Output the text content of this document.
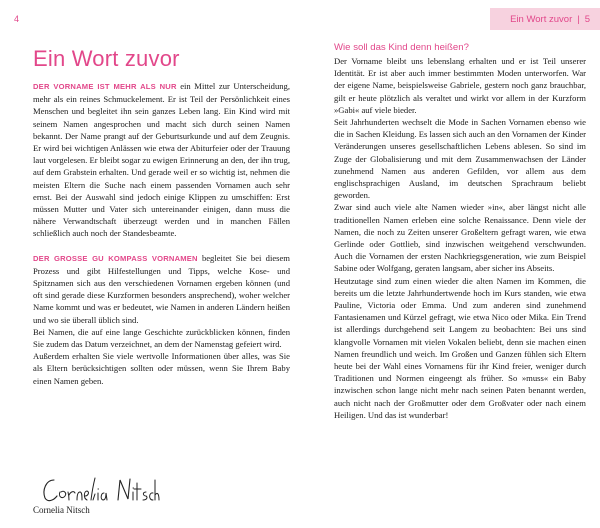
4
Ein Wort zuvor

DER VORNAME IST MEHR ALS NUR ein Mittel zur Unterscheidung, mehr als ein reines Schmuckelement. Er ist Teil der Persönlichkeit eines Menschen und begleitet ihn sein ganzes Leben lang. Ein Kind wird mit seinem Namen angesprochen und macht sich durch seinen Namen bekannt. Der Name prangt auf der Geburtsurkunde und auf dem Zeugnis. Er wird bei wichtigen Anlässen wie etwa der Abiturfeier oder der Trauung laut vorgelesen. Er bleibt sogar zu ewigen Erinnerung an den, der ihn trug, auf dem Grabstein erhalten. Und gerade weil er so wichtig ist, nehmen die meisten Eltern die Suche nach einem passenden Vornamen auch sehr ernst. Bei der Auswahl sind jedoch einige Klippen zu umschiffen: Erst müssen Mutter und Vater sich untereinander einigen, dann muss die nähere Verwandtschaft überzeugt werden und in manchen Fällen schließlich auch noch der Standesbeamte.

DER GROSSE GU KOMPASS VORNAMEN begleitet Sie bei diesem Prozess und gibt Hilfestellungen und Tipps, welche Kose- und Spitznamen sich aus den verschiedenen Vornamen ergeben können (und oft sind gerade diese Kurzformen besonders ansprechend), woher welcher Name kommt und was er bedeutet, wie Namen in anderen Ländern heißen und wo sie überall üblich sind.

Bei Namen, die auf eine lange Geschichte zurückblicken können, finden Sie zudem das Datum verzeichnet, an dem der Namenstag gefeiert wird.

Außerdem erhalten Sie viele wertvolle Informationen über alles, was Sie als Eltern berücksichtigen sollten oder müssen, wenn Sie Ihrem Baby einen Namen geben.

Cornelia Nitsch
Ein Wort zuvor | 5
Wie soll das Kind denn heißen?

Der Vorname bleibt uns lebenslang erhalten und er ist Teil unserer Identität. Er ist aber auch immer bestimmten Moden unterworfen. War der eigene Name, beispielsweise Gabriele, gestern noch ganz brauchbar, gilt er heute plötzlich als veraltet und wirkt vor allem in der Kurzform »Gabi« auf viele bieder.

Seit Jahrhunderten wechselt die Mode in Sachen Vornamen ebenso wie die in Sachen Kleidung. Es lassen sich auch an den Vornamen der Kinder Veränderungen unseres gesellschaftlichen Lebens ablesen. So sind im Zuge der Globalisierung und mit dem Zusammenwachsen der Länder zunehmend Namen aus anderen Gefilden, vor allem aus dem englischsprachigen Ausland, im deutschen Sprachraum beliebt geworden.

Zwar sind auch viele alte Namen wieder »in«, aber längst nicht alle traditionellen Namen erleben eine solche Renaissance. Denn viele der Namen, die noch zu Zeiten unserer Großeltern gefragt waren, wie etwa Gerlinde oder Gottlieb, sind inzwischen weitgehend verschwunden. Auch die Vornamen der ersten Nachkriegsgeneration, wie zum Beispiel Sabine oder Wolfgang, geraten langsam, aber sicher ins Abseits.

Heutzutage sind zum einen wieder die alten Namen im Kommen, die bereits um die letzte Jahrhundertwende hoch im Kurs standen, wie etwa Pauline, Victoria oder Emma. Und zum anderen sind zunehmend Fantasienamen und Kürzel gefragt, wie etwa Nico oder Mika. Ein Trend ist allerdings durchgehend seit Langem zu beobachten: Bei uns sind klangvolle Vornamen mit vielen Vokalen beliebt, denn sie machen einen Namen freundlich und weich. Im Großen und Ganzen fühlen sich Eltern heute bei der Wahl eines Vornamens für ihr Kind freier, weniger durch Traditionen und Normen eingeengt als früher. So »muss« ein Baby inzwischen schon lange nicht mehr nach seinen Paten benannt werden, auch nicht nach der Großmutter oder dem Großvater oder nach einem Heiligen. Und das ist wunderbar!
